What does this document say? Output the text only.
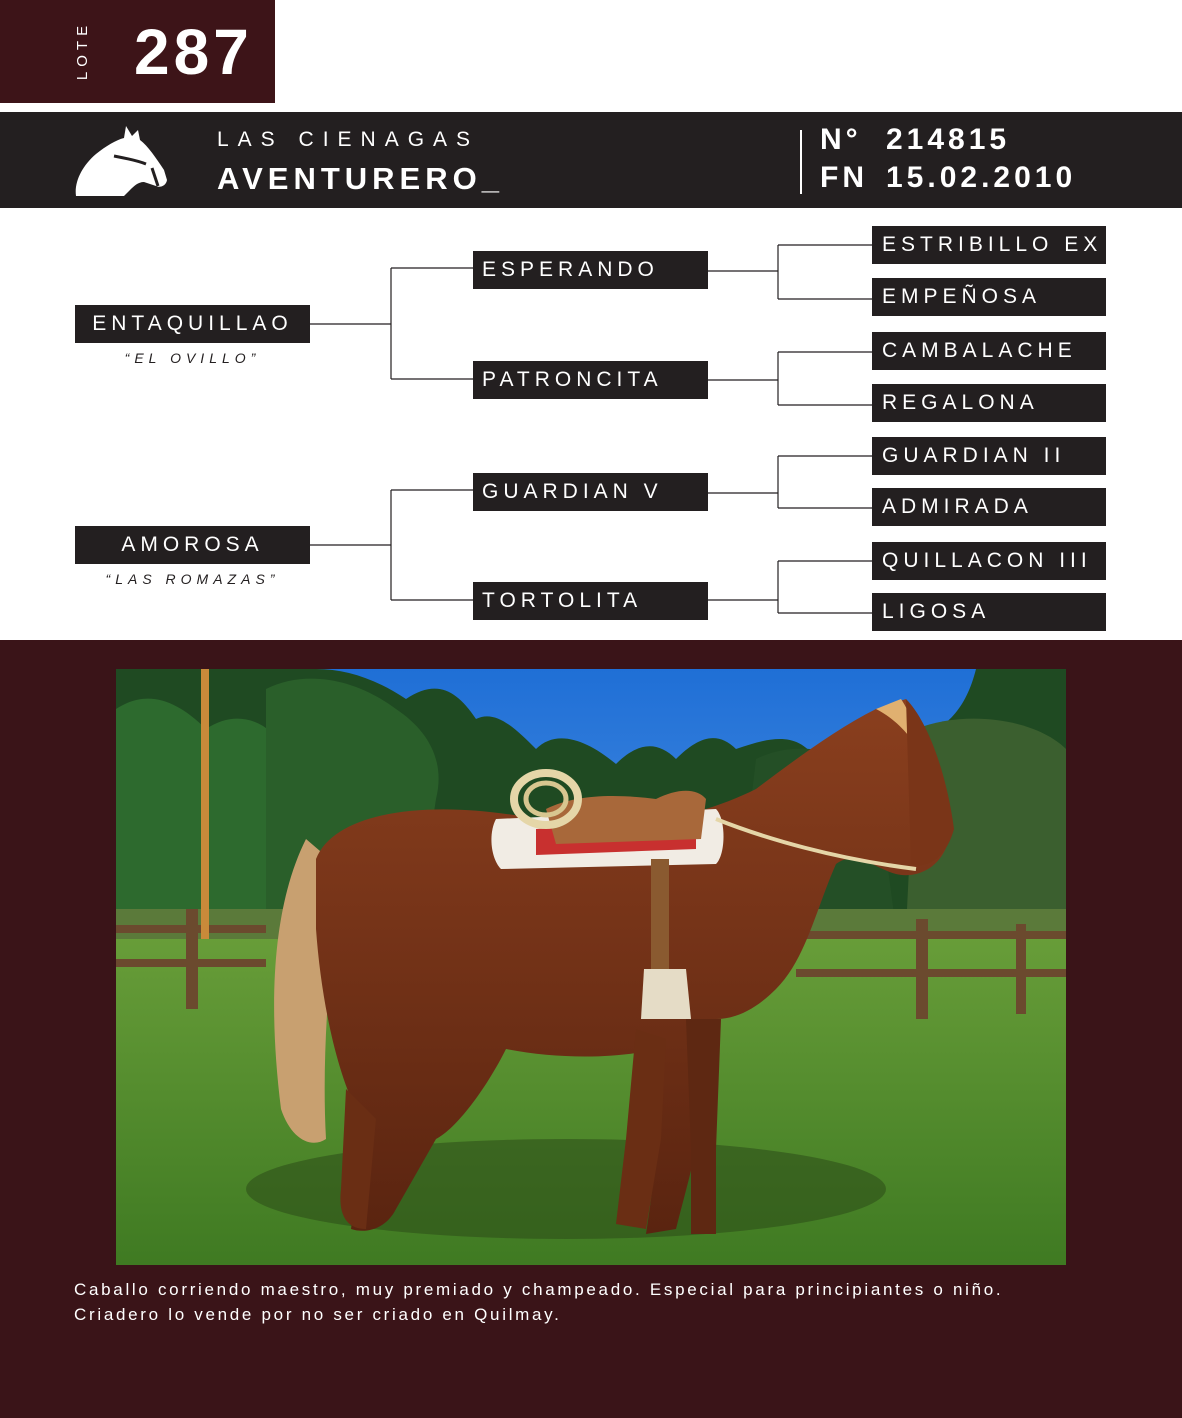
LOTE 287
LAS CIENAGAS
AVENTURERO_
N° 214815
FN 15.02.2010
ENTAQUILLAO
“EL OVILLO”
ESPERANDO
PATRONCITA
ESTRIBILLO EX R
EMPEÑOSA
CAMBALACHE
REGALONA
AMOROSA
“LAS ROMAZAS”
GUARDIAN V
TORTOLITA
GUARDIAN II
ADMIRADA
QUILLACON III
LIGOSA
Caballo corriendo maestro, muy premiado y champeado. Especial para principiantes o niño.
Criadero lo vende por no ser criado en Quilmay.
